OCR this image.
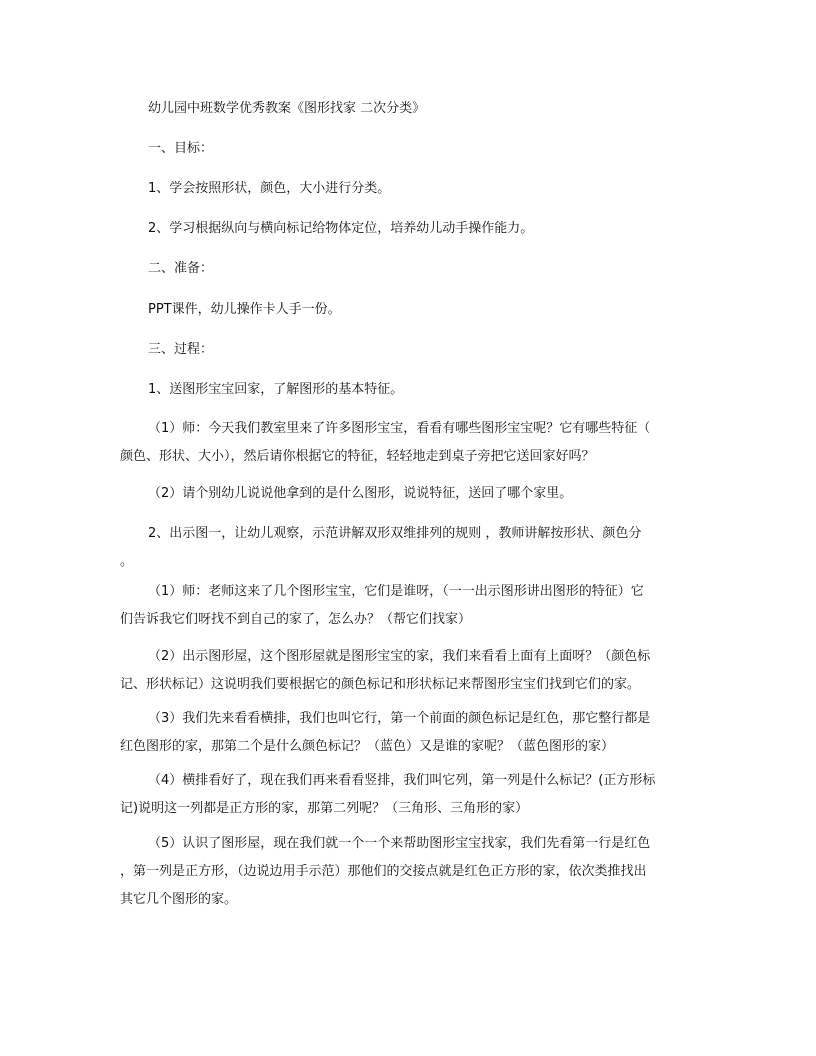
幼儿园中班数学优秀教案《图形找家 二次分类》

一、目标：

1、学会按照形状，颜色，大小进行分类。

2、学习根据纵向与横向标记给物体定位，培养幼儿动手操作能力。

二、准备：

PPT课件，幼儿操作卡人手一份。

三、过程：

1、送图形宝宝回家，了解图形的基本特征。

（1）师：今天我们教室里来了许多图形宝宝，看看有哪些图形宝宝呢？它有哪些特征（
颜色、形状、大小），然后请你根据它的特征，轻轻地走到桌子旁把它送回家好吗？

（2）请个别幼儿说说他拿到的是什么图形，说说特征，送回了哪个家里。

2、出示图一，让幼儿观察，示范讲解双形双维排列的规则 ，教师讲解按形状、颜色分
。
（1）师：老师这来了几个图形宝宝，它们是谁呀，（一一出示图形讲出图形的特征）它
们告诉我它们呀找不到自己的家了，怎么办？（帮它们找家）
（2）出示图形屋，这个图形屋就是图形宝宝的家，我们来看看上面有上面呀？（颜色标
记、形状标记）这说明我们要根据它的颜色标记和形状标记来帮图形宝宝们找到它们的家。
（3）我们先来看看横排，我们也叫它行，第一个前面的颜色标记是红色，那它整行都是
红色图形的家，那第二个是什么颜色标记？（蓝色）又是谁的家呢？（蓝色图形的家）
（4）横排看好了，现在我们再来看看竖排，我们叫它列，第一列是什么标记？(正方形标
记)说明这一列都是正方形的家，那第二列呢？（三角形、三角形的家）
（5）认识了图形屋，现在我们就一个一个来帮助图形宝宝找家，我们先看第一行是红色
，第一列是正方形，（边说边用手示范）那他们的交接点就是红色正方形的家，依次类推找出
其它几个图形的家。
